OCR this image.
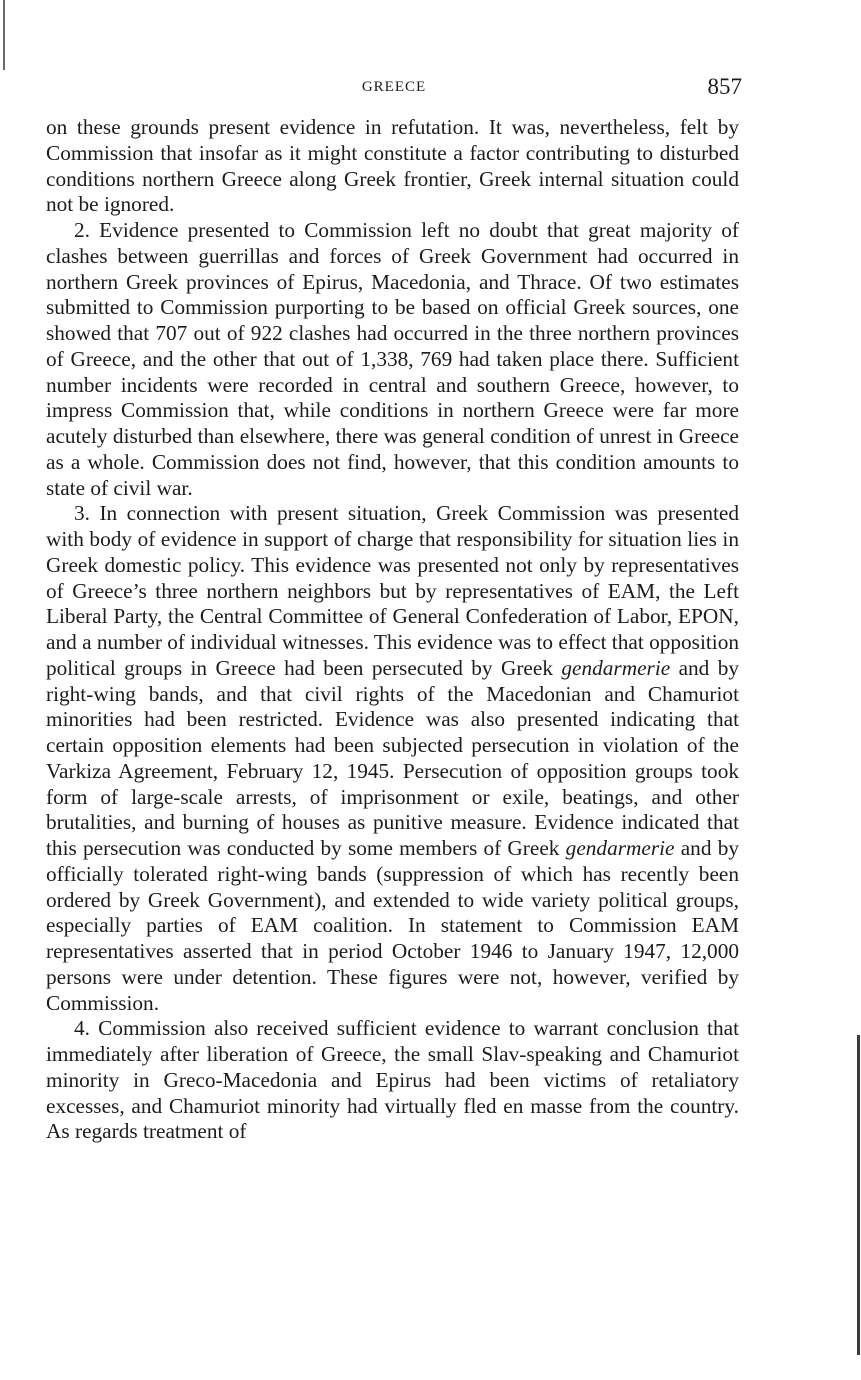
GREECE	857

on these grounds present evidence in refutation. It was, nevertheless, felt by Commission that insofar as it might constitute a factor contributing to disturbed conditions northern Greece along Greek frontier, Greek internal situation could not be ignored.

2. Evidence presented to Commission left no doubt that great majority of clashes between guerrillas and forces of Greek Government had occurred in northern Greek provinces of Epirus, Macedonia, and Thrace. Of two estimates submitted to Commission purporting to be based on official Greek sources, one showed that 707 out of 922 clashes had occurred in the three northern provinces of Greece, and the other that out of 1,338, 769 had taken place there. Sufficient number incidents were recorded in central and southern Greece, however, to impress Commission that, while conditions in northern Greece were far more acutely disturbed than elsewhere, there was general condition of unrest in Greece as a whole. Commission does not find, however, that this condition amounts to state of civil war.

3. In connection with present situation, Greek Commission was presented with body of evidence in support of charge that responsibility for situation lies in Greek domestic policy. This evidence was presented not only by representatives of Greece’s three northern neighbors but by representatives of EAM, the Left Liberal Party, the Central Committee of General Confederation of Labor, EPON, and a number of individual witnesses. This evidence was to effect that opposition political groups in Greece had been persecuted by Greek gendarmerie and by right-wing bands, and that civil rights of the Macedonian and Chamuriot minorities had been restricted. Evidence was also presented indicating that certain opposition elements had been subjected persecution in violation of the Varkiza Agreement, February 12, 1945. Persecution of opposition groups took form of large-scale arrests, of imprisonment or exile, beatings, and other brutalities, and burning of houses as punitive measure. Evidence indicated that this persecution was conducted by some members of Greek gendarmerie and by officially tolerated right-wing bands (suppression of which has recently been ordered by Greek Government), and extended to wide variety political groups, especially parties of EAM coalition. In statement to Commission EAM representatives asserted that in period October 1946 to January 1947, 12,000 persons were under detention. These figures were not, however, verified by Commission.

4. Commission also received sufficient evidence to warrant conclusion that immediately after liberation of Greece, the small Slav-speaking and Chamuriot minority in Greco-Macedonia and Epirus had been victims of retaliatory excesses, and Chamuriot minority had virtually fled en masse from the country. As regards treatment of
